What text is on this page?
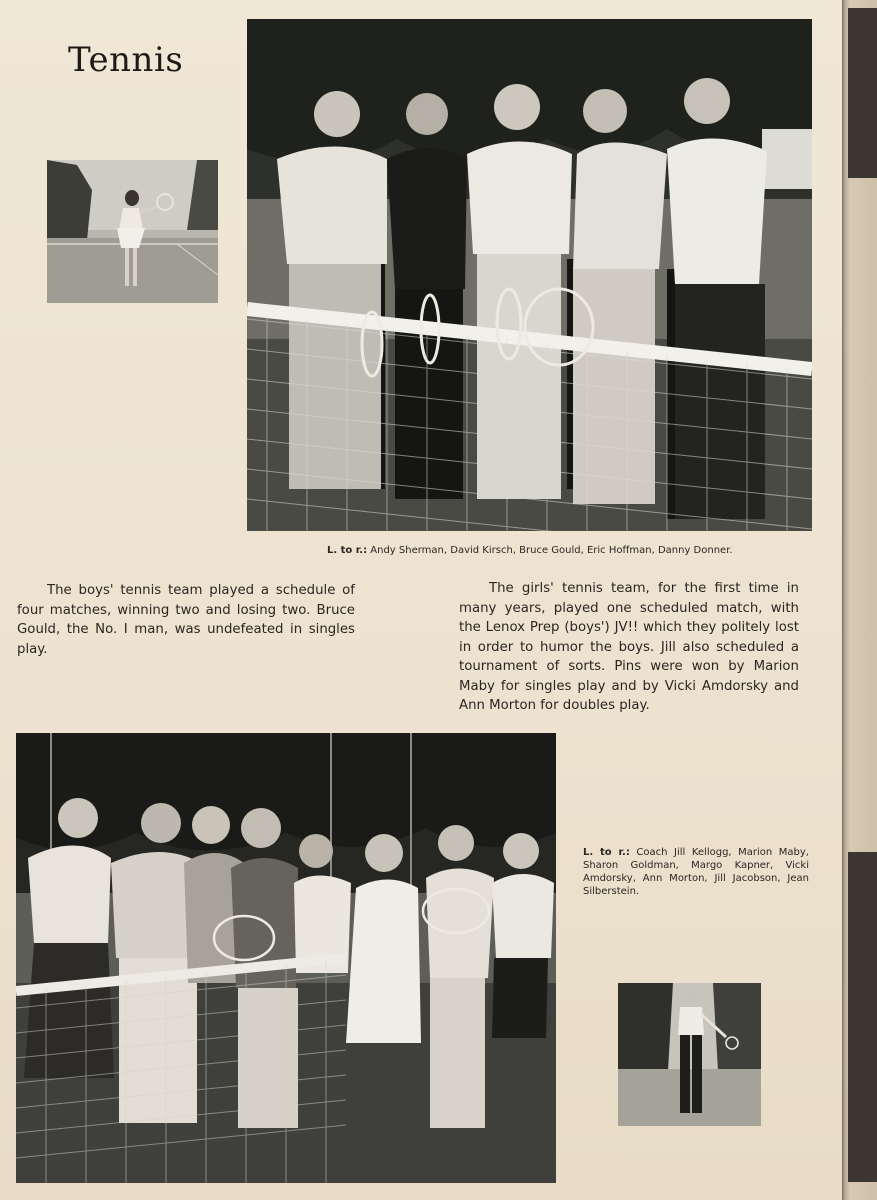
Tennis
L. to r.: Andy Sherman, David Kirsch, Bruce Gould, Eric Hoffman, Danny Donner.

The boys' tennis team played a schedule of four matches, winning two and losing two. Bruce Gould, the No. I man, was undefeated in singles play.

The girls' tennis team, for the first time in many years, played one scheduled match, with the Lenox Prep (boys') JV!! which they politely lost in order to humor the boys. Jill also scheduled a tournament of sorts. Pins were won by Marion Maby for singles play and by Vicki Amdorsky and Ann Morton for doubles play.

L. to r.: Coach Jill Kellogg, Marion Maby, Sharon Goldman, Margo Kapner, Vicki Amdorsky, Ann Morton, Jill Jacobson, Jean Silberstein.
